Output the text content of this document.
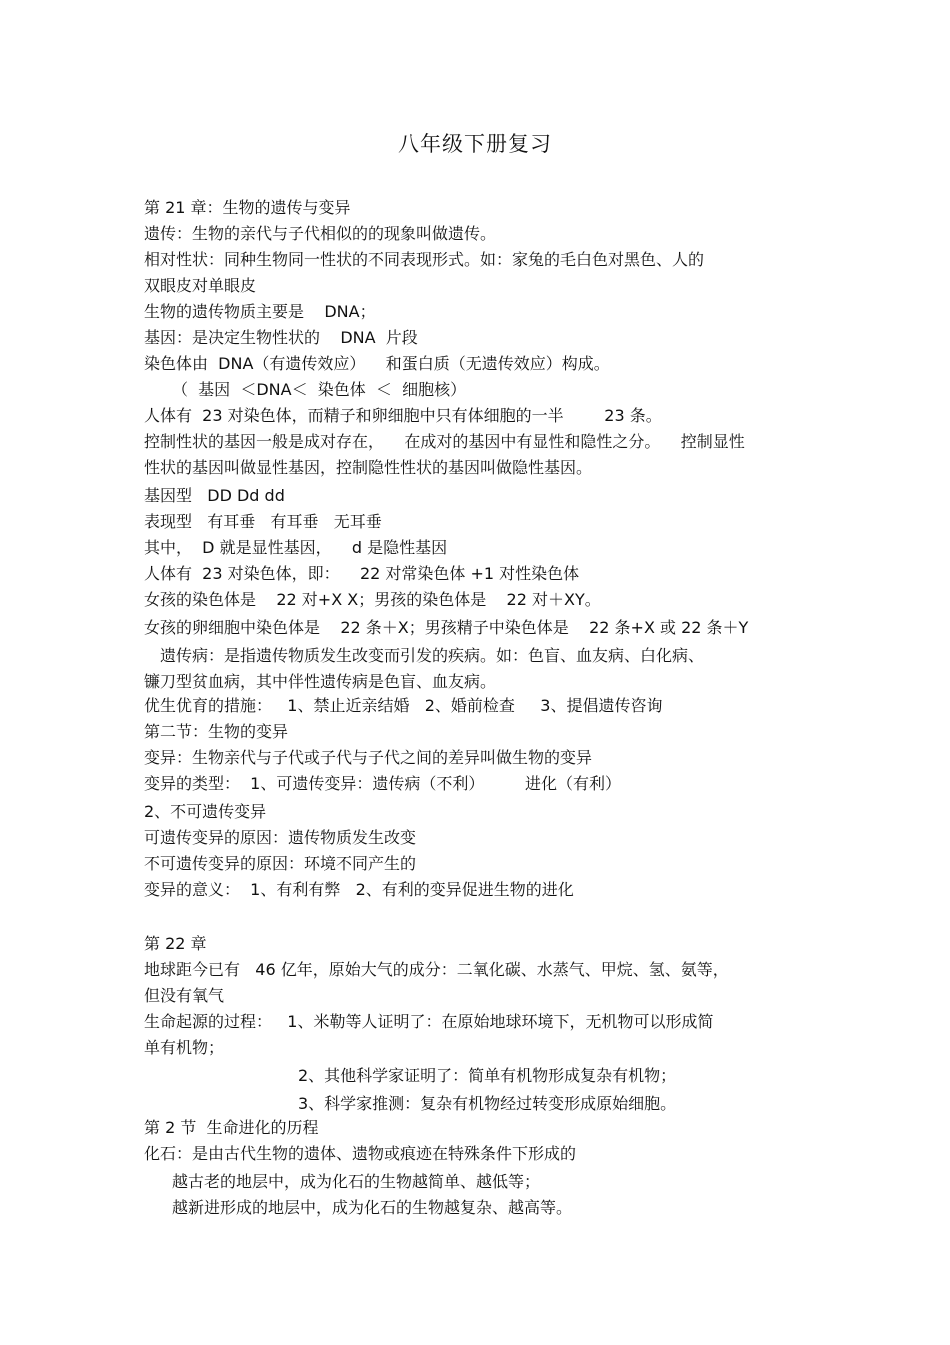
八年级下册复习
第 21 章：生物的遗传与变异
遗传：生物的亲代与子代相似的的现象叫做遗传。
相对性状：同种生物同一性状的不同表现形式。如：家兔的毛白色对黑色、人的
双眼皮对单眼皮
生物的遗传物质主要是    DNA；
基因：是决定生物性状的    DNA  片段
染色体由  DNA（有遗传效应）    和蛋白质（无遗传效应）构成。
（  基因  ＜DNA＜  染色体  ＜  细胞核）
人体有  23 对染色体，而精子和卵细胞中只有体细胞的一半        23 条。
控制性状的基因一般是成对存在，    在成对的基因中有显性和隐性之分。    控制显性
性状的基因叫做显性基因，控制隐性性状的基因叫做隐性基因。
基因型   DD Dd dd
表现型   有耳垂   有耳垂   无耳垂
其中，  D 就是显性基因，    d 是隐性基因
人体有  23 对染色体，即：    22 对常染色体 +1 对性染色体
女孩的染色体是    22 对+X X；男孩的染色体是    22 对＋XY。
女孩的卵细胞中染色体是    22 条＋X；男孩精子中染色体是    22 条+X 或 22 条＋Y
遗传病：是指遗传物质发生改变而引发的疾病。如：色盲、血友病、白化病、
镰刀型贫血病，其中伴性遗传病是色盲、血友病。
优生优育的措施：   1、禁止近亲结婚   2、婚前检查     3、提倡遗传咨询
第二节：生物的变异
变异：生物亲代与子代或子代与子代之间的差异叫做生物的变异
变异的类型：  1、可遗传变异：遗传病（不利）        进化（有利）
2、不可遗传变异
可遗传变异的原因：遗传物质发生改变
不可遗传变异的原因：环境不同产生的
变异的意义：  1、有利有弊   2、有利的变异促进生物的进化
第 22 章
地球距今已有   46 亿年，原始大气的成分：二氧化碳、水蒸气、甲烷、氢、氨等，
但没有氧气
生命起源的过程：   1、米勒等人证明了：在原始地球环境下，无机物可以形成简
单有机物；
2、其他科学家证明了：简单有机物形成复杂有机物；
3、科学家推测：复杂有机物经过转变形成原始细胞。
第 2 节  生命进化的历程
化石：是由古代生物的遗体、遗物或痕迹在特殊条件下形成的
越古老的地层中，成为化石的生物越简单、越低等；
越新进形成的地层中，成为化石的生物越复杂、越高等。
